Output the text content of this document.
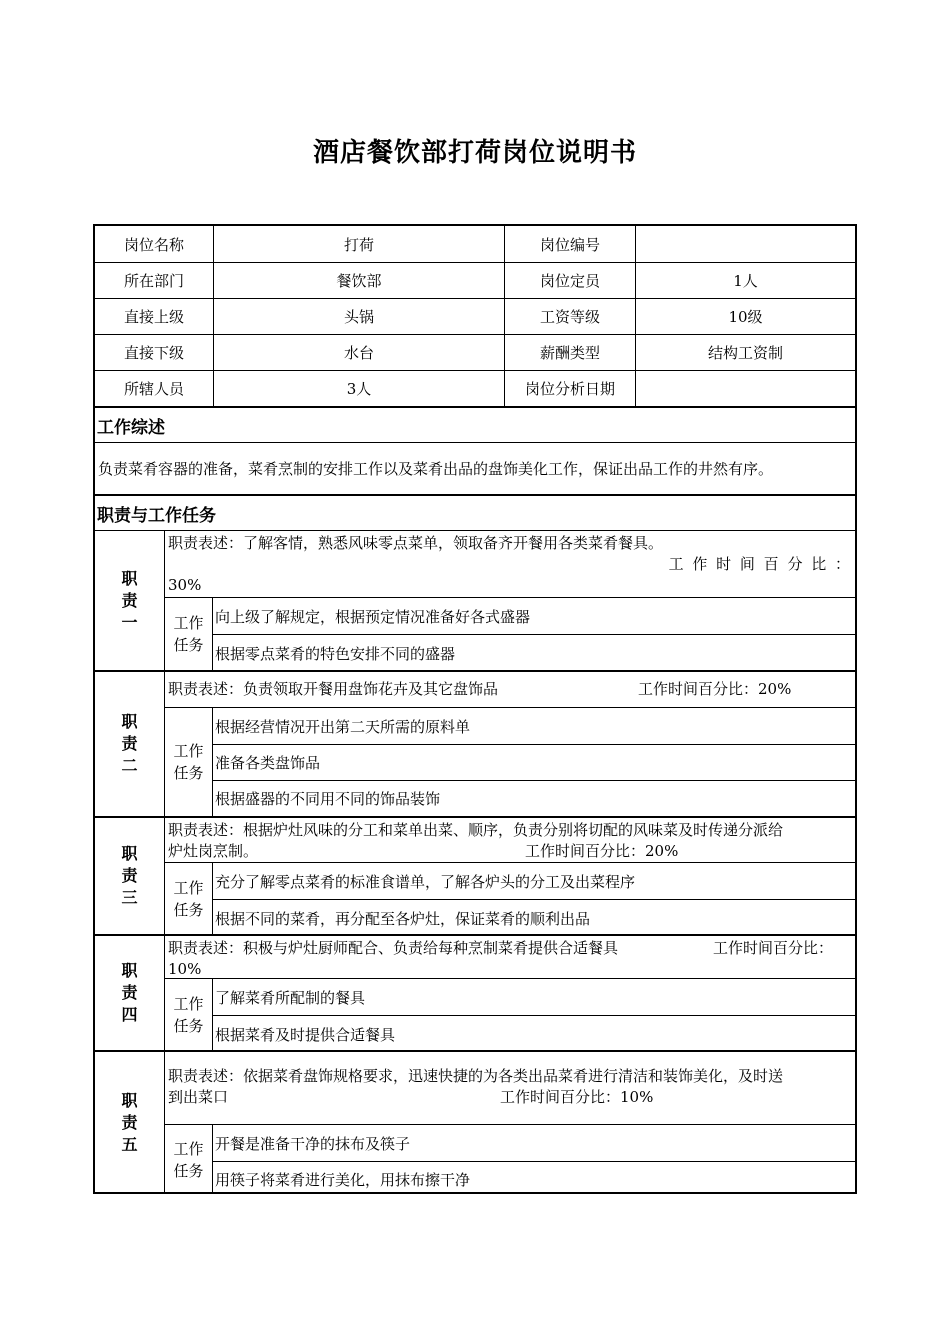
酒店餐饮部打荷岗位说明书
岗位名称	打荷	岗位编号
所在部门	餐饮部	岗位定员	1人
直接上级	头锅	工资等级	10级
直接下级	水台	薪酬类型	结构工资制
所辖人员	3人	岗位分析日期
工作综述
负责菜肴容器的准备，菜肴烹制的安排工作以及菜肴出品的盘饰美化工作，保证出品工作的井然有序。
职责与工作任务
职责一
职责表述：了解客情，熟悉风味零点菜单，领取备齐开餐用各类菜肴餐具。
工 作 时 间 百 分 比 ：
30%
工作任务
向上级了解规定，根据预定情况准备好各式盛器
根据零点菜肴的特色安排不同的盛器
职责二
职责表述：负责领取开餐用盘饰花卉及其它盘饰品	工作时间百分比：20%
工作任务
根据经营情况开出第二天所需的原料单
准备各类盘饰品
根据盛器的不同用不同的饰品装饰
职责三
职责表述：根据炉灶风味的分工和菜单出菜、顺序，负责分别将切配的风味菜及时传递分派给
炉灶岗烹制。	工作时间百分比：20%
工作任务
充分了解零点菜肴的标准食谱单，了解各炉头的分工及出菜程序
根据不同的菜肴，再分配至各炉灶，保证菜肴的顺利出品
职责四
职责表述：积极与炉灶厨师配合、负责给每种烹制菜肴提供合适餐具	工作时间百分比：
10%
工作任务
了解菜肴所配制的餐具
根据菜肴及时提供合适餐具
职责五
职责表述：依据菜肴盘饰规格要求，迅速快捷的为各类出品菜肴进行清洁和装饰美化，及时送
到出菜口	工作时间百分比：10%
工作任务
开餐是准备干净的抹布及筷子
用筷子将菜肴进行美化，用抹布擦干净
